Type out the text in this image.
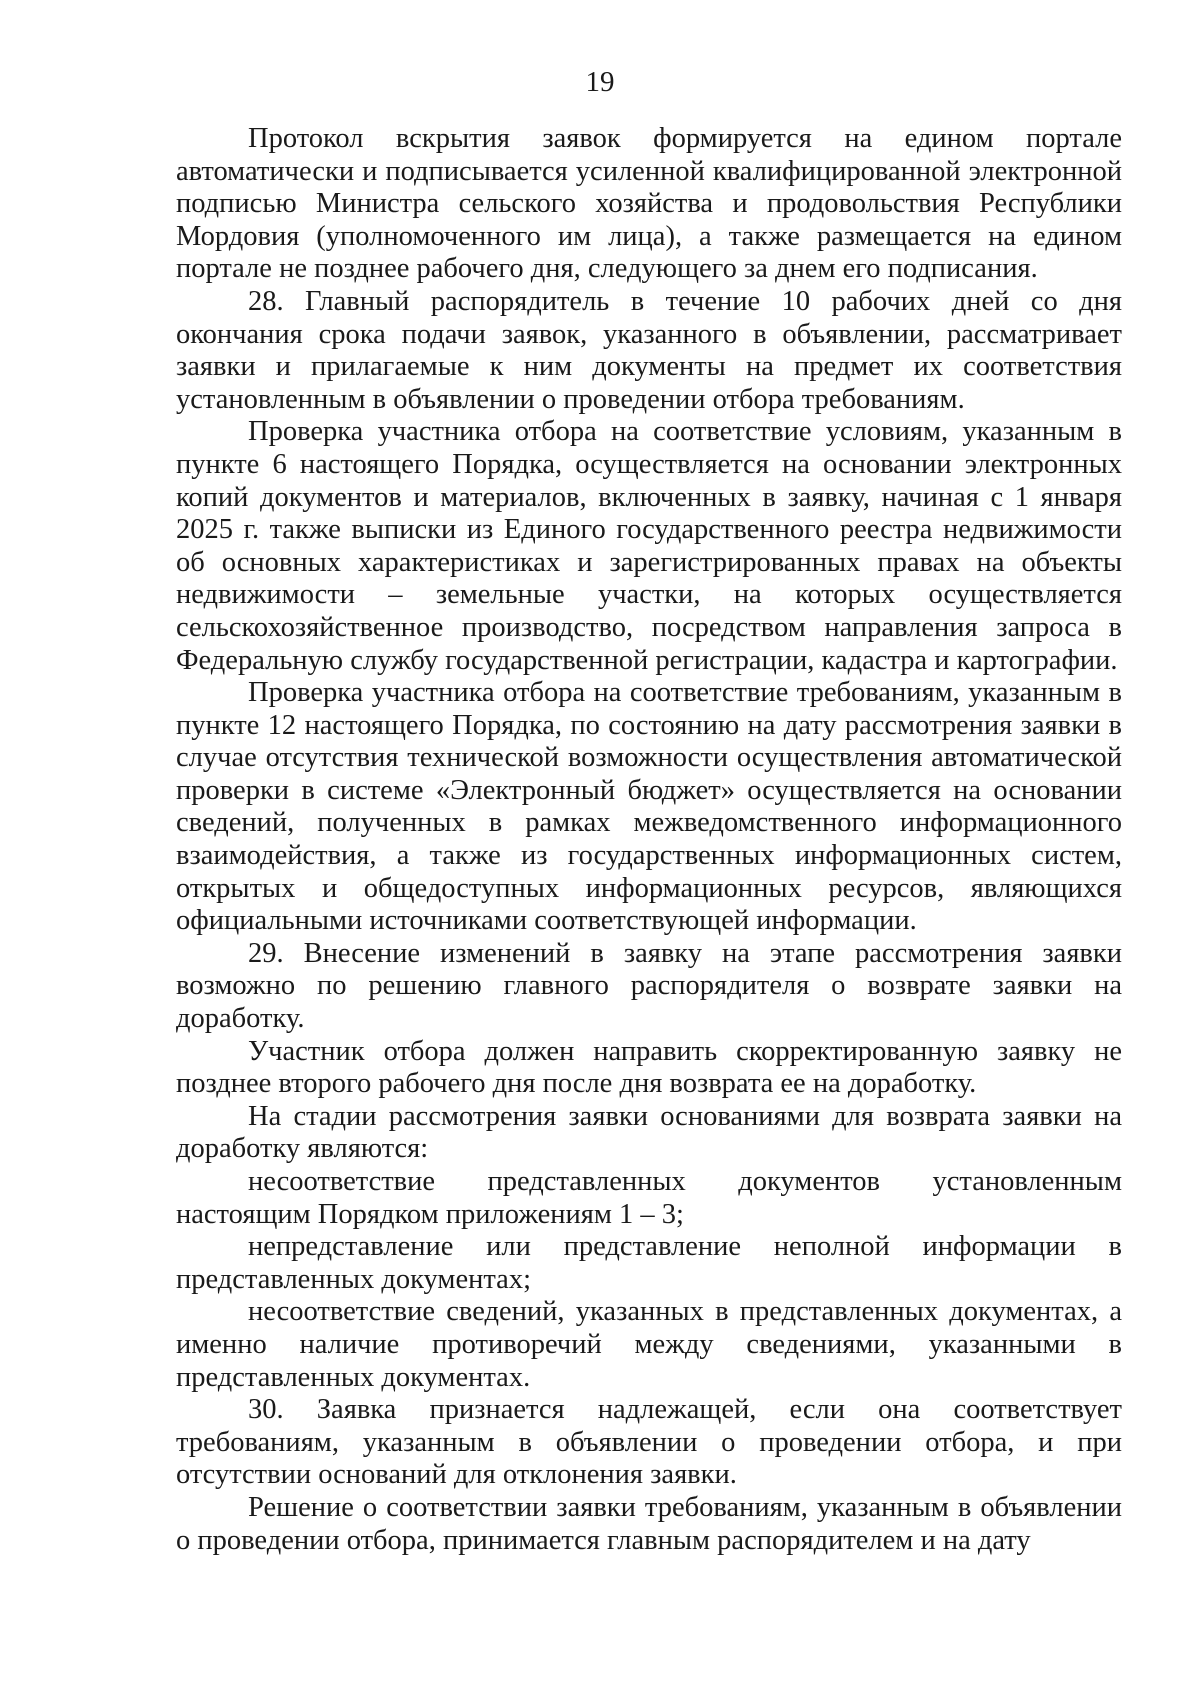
19

Протокол вскрытия заявок формируется на едином портале автоматически и подписывается усиленной квалифицированной электронной подписью Министра сельского хозяйства и продовольствия Республики Мордовия (уполномоченного им лица), а также размещается на едином портале не позднее рабочего дня, следующего за днем его подписания.

28. Главный распорядитель в течение 10 рабочих дней со дня окончания срока подачи заявок, указанного в объявлении, рассматривает заявки и прилагаемые к ним документы на предмет их соответствия установленным в объявлении о проведении отбора требованиям.

Проверка участника отбора на соответствие условиям, указанным в пункте 6 настоящего Порядка, осуществляется на основании электронных копий документов и материалов, включенных в заявку, начиная с 1 января 2025 г. также выписки из Единого государственного реестра недвижимости об основных характеристиках и зарегистрированных правах на объекты недвижимости – земельные участки, на которых осуществляется сельскохозяйственное производство, посредством направления запроса в Федеральную службу государственной регистрации, кадастра и картографии.

Проверка участника отбора на соответствие требованиям, указанным в пункте 12 настоящего Порядка, по состоянию на дату рассмотрения заявки в случае отсутствия технической возможности осуществления автоматической проверки в системе «Электронный бюджет» осуществляется на основании сведений, полученных в рамках межведомственного информационного взаимодействия, а также из государственных информационных систем, открытых и общедоступных информационных ресурсов, являющихся официальными источниками соответствующей информации.

29. Внесение изменений в заявку на этапе рассмотрения заявки возможно по решению главного распорядителя о возврате заявки на доработку.

Участник отбора должен направить скорректированную заявку не позднее второго рабочего дня после дня возврата ее на доработку.

На стадии рассмотрения заявки основаниями для возврата заявки на доработку являются:

несоответствие представленных документов установленным настоящим Порядком приложениям 1 – 3;

непредставление или представление неполной информации в представленных документах;

несоответствие сведений, указанных в представленных документах, а именно наличие противоречий между сведениями, указанными в представленных документах.

30. Заявка признается надлежащей, если она соответствует требованиям, указанным в объявлении о проведении отбора, и при отсутствии оснований для отклонения заявки.

Решение о соответствии заявки требованиям, указанным в объявлении о проведении отбора, принимается главным распорядителем и на дату
